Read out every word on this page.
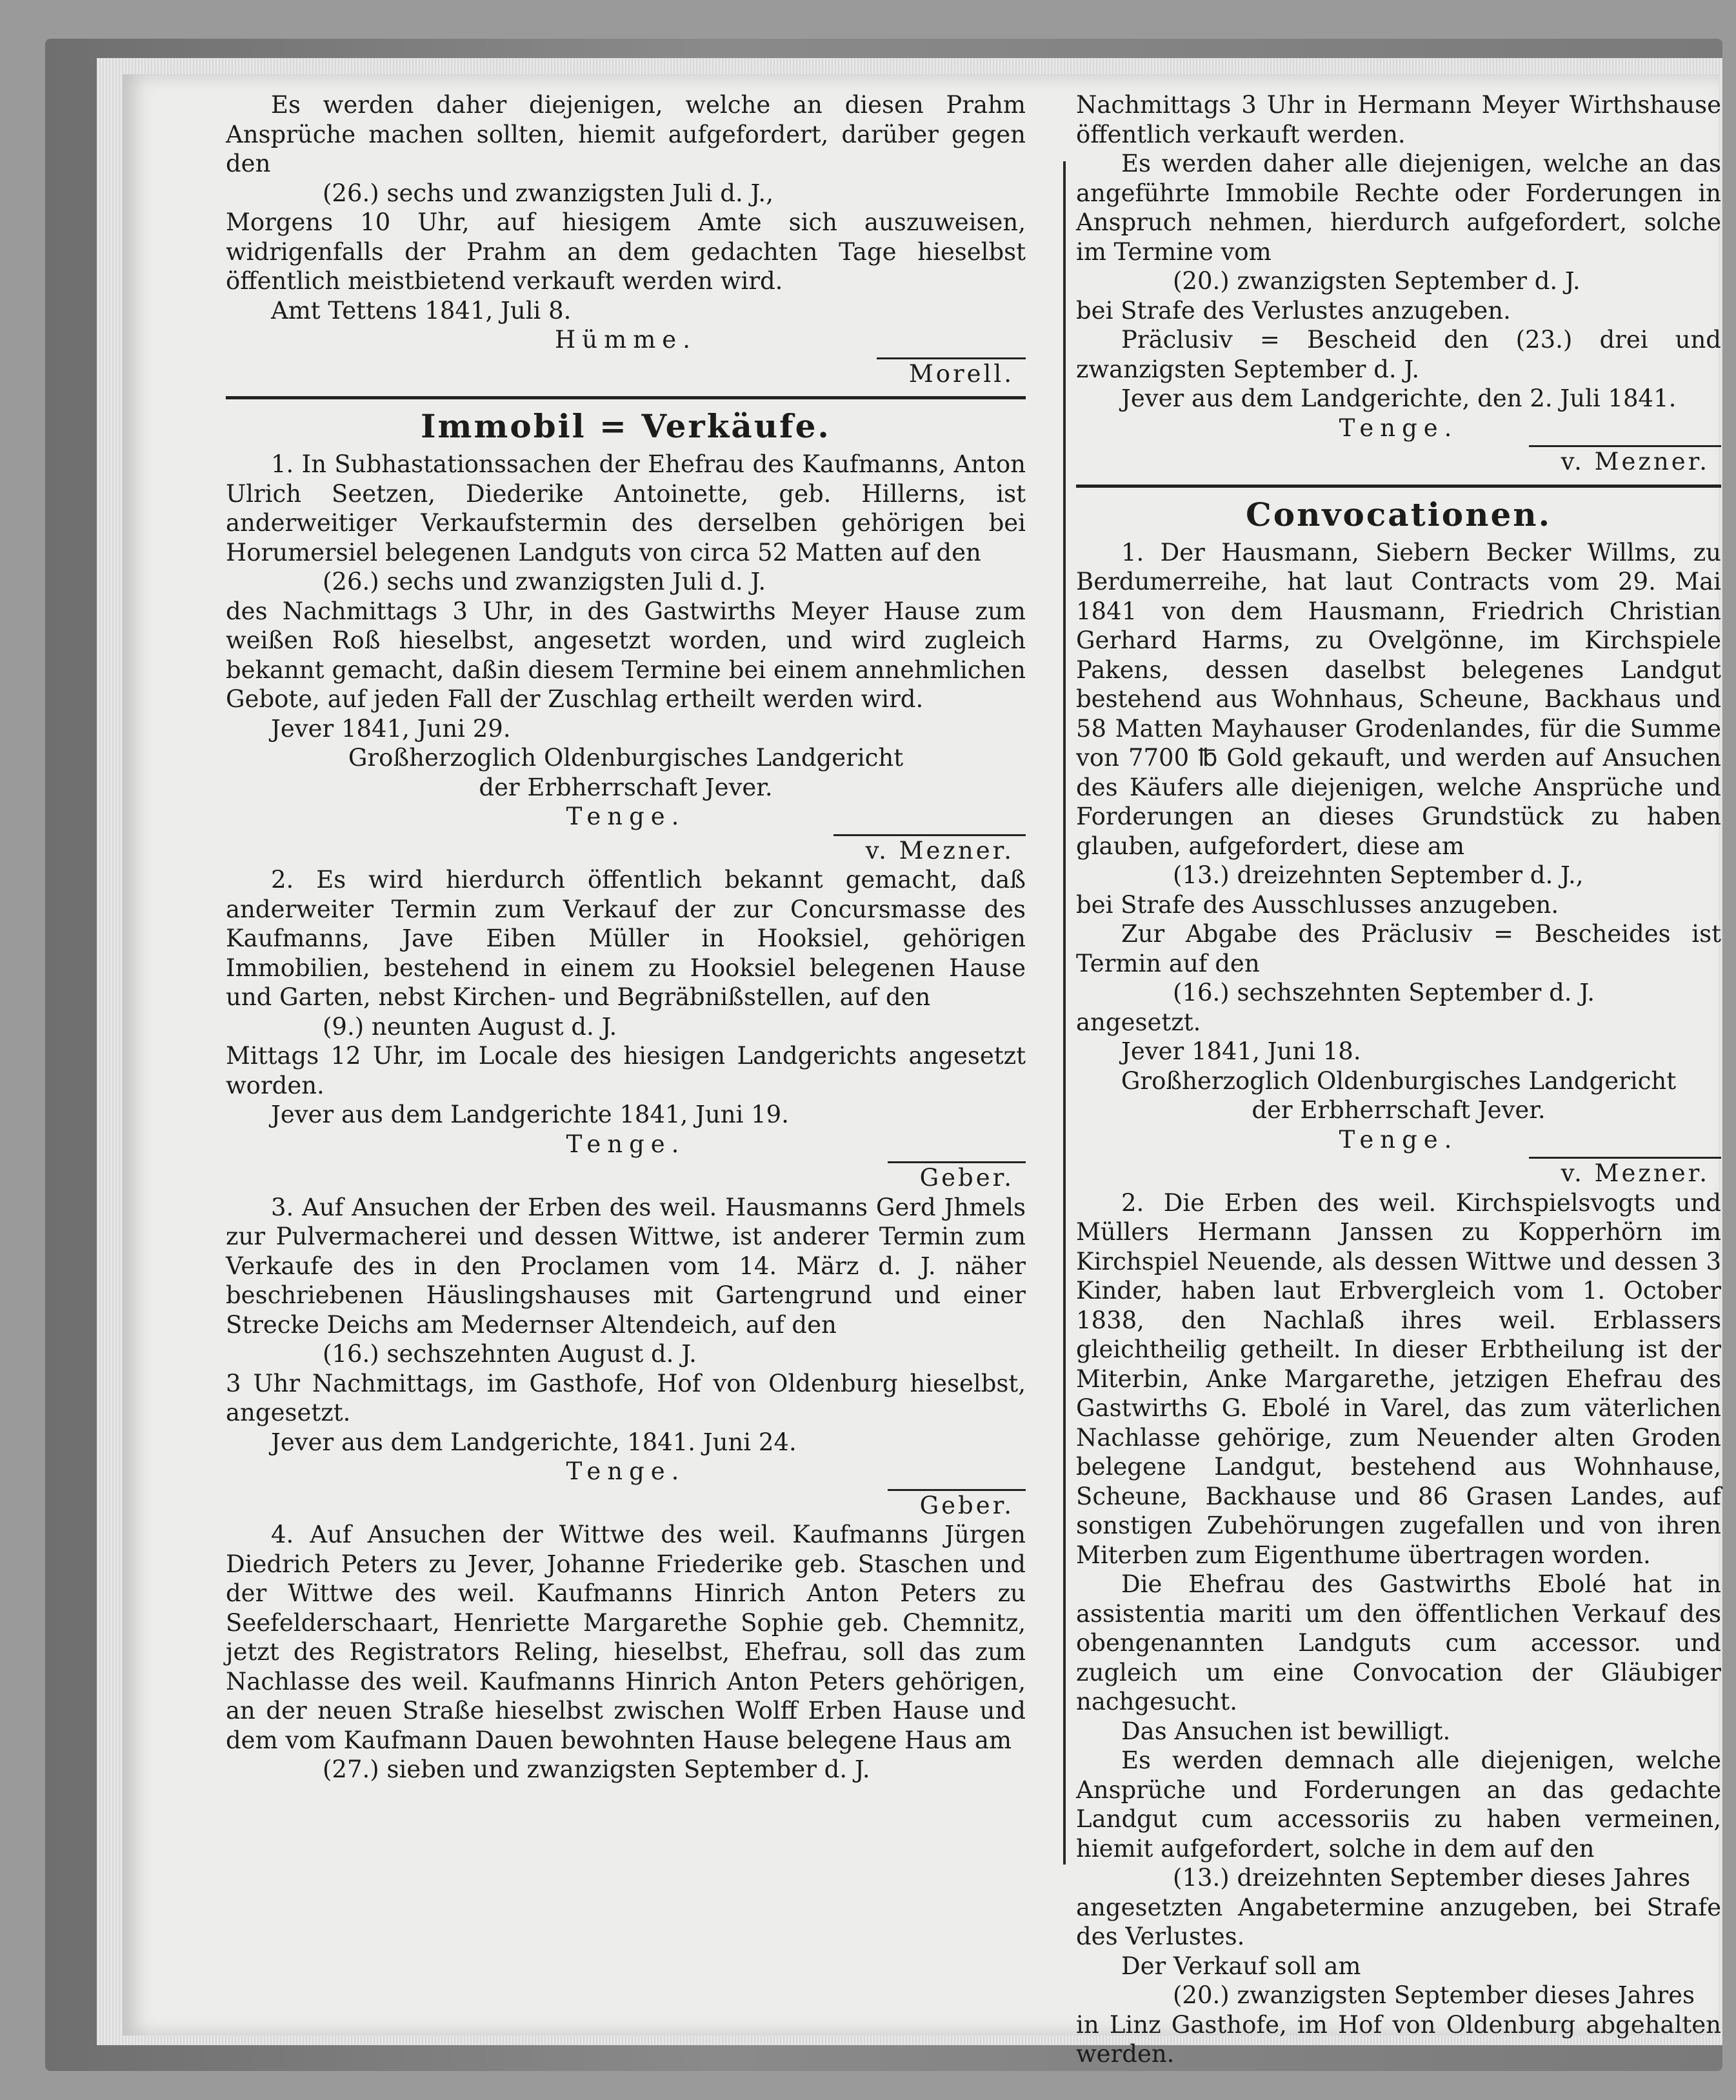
Es werden daher diejenigen, welche an diesen Prahm Ansprüche machen sollten, hiemit aufgefordert, darüber gegen den

(26.) sechs und zwanzigsten Juli d. J.,

Morgens 10 Uhr, auf hiesigem Amte sich auszuweisen, widrigenfalls der Prahm an dem gedachten Tage hieselbst öffentlich meistbietend verkauft werden wird.

Amt Tettens 1841, Juli 8.

Hümme.

Morell.
Immobil = Verkäufe.

1. In Subhastationssachen der Ehefrau des Kaufmanns, Anton Ulrich Seetzen, Diederike Antoinette, geb. Hillerns, ist anderweitiger Verkaufstermin des derselben gehörigen bei Horumersiel belegenen Landguts von circa 52 Matten auf den

(26.) sechs und zwanzigsten Juli d. J.

des Nachmittags 3 Uhr, in des Gastwirths Meyer Hause zum weißen Roß hieselbst, angesetzt worden, und wird zugleich bekannt gemacht, daßin diesem Termine bei einem annehmlichen Gebote, auf jeden Fall der Zuschlag ertheilt werden wird.

Jever 1841, Juni 29.

Großherzoglich Oldenburgisches Landgericht

der Erbherrschaft Jever.

Tenge.

v. Mezner.

2. Es wird hierdurch öffentlich bekannt gemacht, daß anderweiter Termin zum Verkauf der zur Concursmasse des Kaufmanns, Jave Eiben Müller in Hooksiel, gehörigen Immobilien, bestehend in einem zu Hooksiel belegenen Hause und Garten, nebst Kirchen- und Begräbnißstellen, auf den

(9.) neunten August d. J.

Mittags 12 Uhr, im Locale des hiesigen Landgerichts angesetzt worden.

Jever aus dem Landgerichte 1841, Juni 19.

Tenge.

Geber.

3. Auf Ansuchen der Erben des weil. Hausmanns Gerd Jhmels zur Pulvermacherei und dessen Wittwe, ist anderer Termin zum Verkaufe des in den Proclamen vom 14. März d. J. näher beschriebenen Häuslingshauses mit Gartengrund und einer Strecke Deichs am Medernser Altendeich, auf den

(16.) sechszehnten August d. J.

3 Uhr Nachmittags, im Gasthofe, Hof von Oldenburg hieselbst, angesetzt.

Jever aus dem Landgerichte, 1841. Juni 24.

Tenge.

Geber.

4. Auf Ansuchen der Wittwe des weil. Kaufmanns Jürgen Diedrich Peters zu Jever, Johanne Friederike geb. Staschen und der Wittwe des weil. Kaufmanns Hinrich Anton Peters zu Seefelderschaart, Henriette Margarethe Sophie geb. Chemnitz, jetzt des Registrators Reling, hieselbst, Ehefrau, soll das zum Nachlasse des weil. Kaufmanns Hinrich Anton Peters gehörigen, an der neuen Straße hieselbst zwischen Wolff Erben Hause und dem vom Kaufmann Dauen bewohnten Hause belegene Haus am

(27.) sieben und zwanzigsten September d. J.

Nachmittags 3 Uhr in Hermann Meyer Wirthshause öffentlich verkauft werden.

Es werden daher alle diejenigen, welche an das angeführte Immobile Rechte oder Forderungen in Anspruch nehmen, hierdurch aufgefordert, solche im Termine vom

(20.) zwanzigsten September d. J.

bei Strafe des Verlustes anzugeben.

Präclusiv = Bescheid den (23.) drei und zwanzigsten September d. J.

Jever aus dem Landgerichte, den 2. Juli 1841.

Tenge.

v. Mezner.
Convocationen.

1. Der Hausmann, Siebern Becker Willms, zu Berdumerreihe, hat laut Contracts vom 29. Mai 1841 von dem Hausmann, Friedrich Christian Gerhard Harms, zu Ovelgönne, im Kirchspiele Pakens, dessen daselbst belegenes Landgut bestehend aus Wohnhaus, Scheune, Backhaus und 58 Matten Mayhauser Grodenlandes, für die Summe von 7700 ℔ Gold gekauft, und werden auf Ansuchen des Käufers alle diejenigen, welche Ansprüche und Forderungen an dieses Grundstück zu haben glauben, aufgefordert, diese am

(13.) dreizehnten September d. J.,

bei Strafe des Ausschlusses anzugeben.

Zur Abgabe des Präclusiv = Bescheides ist Termin auf den

(16.) sechszehnten September d. J.

angesetzt.

Jever 1841, Juni 18.

Großherzoglich Oldenburgisches Landgericht

der Erbherrschaft Jever.

Tenge.

v. Mezner.

2. Die Erben des weil. Kirchspielsvogts und Müllers Hermann Janssen zu Kopperhörn im Kirchspiel Neuende, als dessen Wittwe und dessen 3 Kinder, haben laut Erbvergleich vom 1. October 1838, den Nachlaß ihres weil. Erblassers gleichtheilig getheilt. In dieser Erbtheilung ist der Miterbin, Anke Margarethe, jetzigen Ehefrau des Gastwirths G. Ebolé in Varel, das zum väterlichen Nachlasse gehörige, zum Neuender alten Groden belegene Landgut, bestehend aus Wohnhause, Scheune, Backhause und 86 Grasen Landes, auf sonstigen Zubehörungen zugefallen und von ihren Miterben zum Eigenthume übertragen worden.

Die Ehefrau des Gastwirths Ebolé hat in assistentia mariti um den öffentlichen Verkauf des obengenannten Landguts cum accessor. und zugleich um eine Convocation der Gläubiger nachgesucht.

Das Ansuchen ist bewilligt.

Es werden demnach alle diejenigen, welche Ansprüche und Forderungen an das gedachte Landgut cum accessoriis zu haben vermeinen, hiemit aufgefordert, solche in dem auf den

(13.) dreizehnten September dieses Jahres

angesetzten Angabetermine anzugeben, bei Strafe des Verlustes.

Der Verkauf soll am

(20.) zwanzigsten September dieses Jahres

in Linz Gasthofe, im Hof von Oldenburg abgehalten werden.
